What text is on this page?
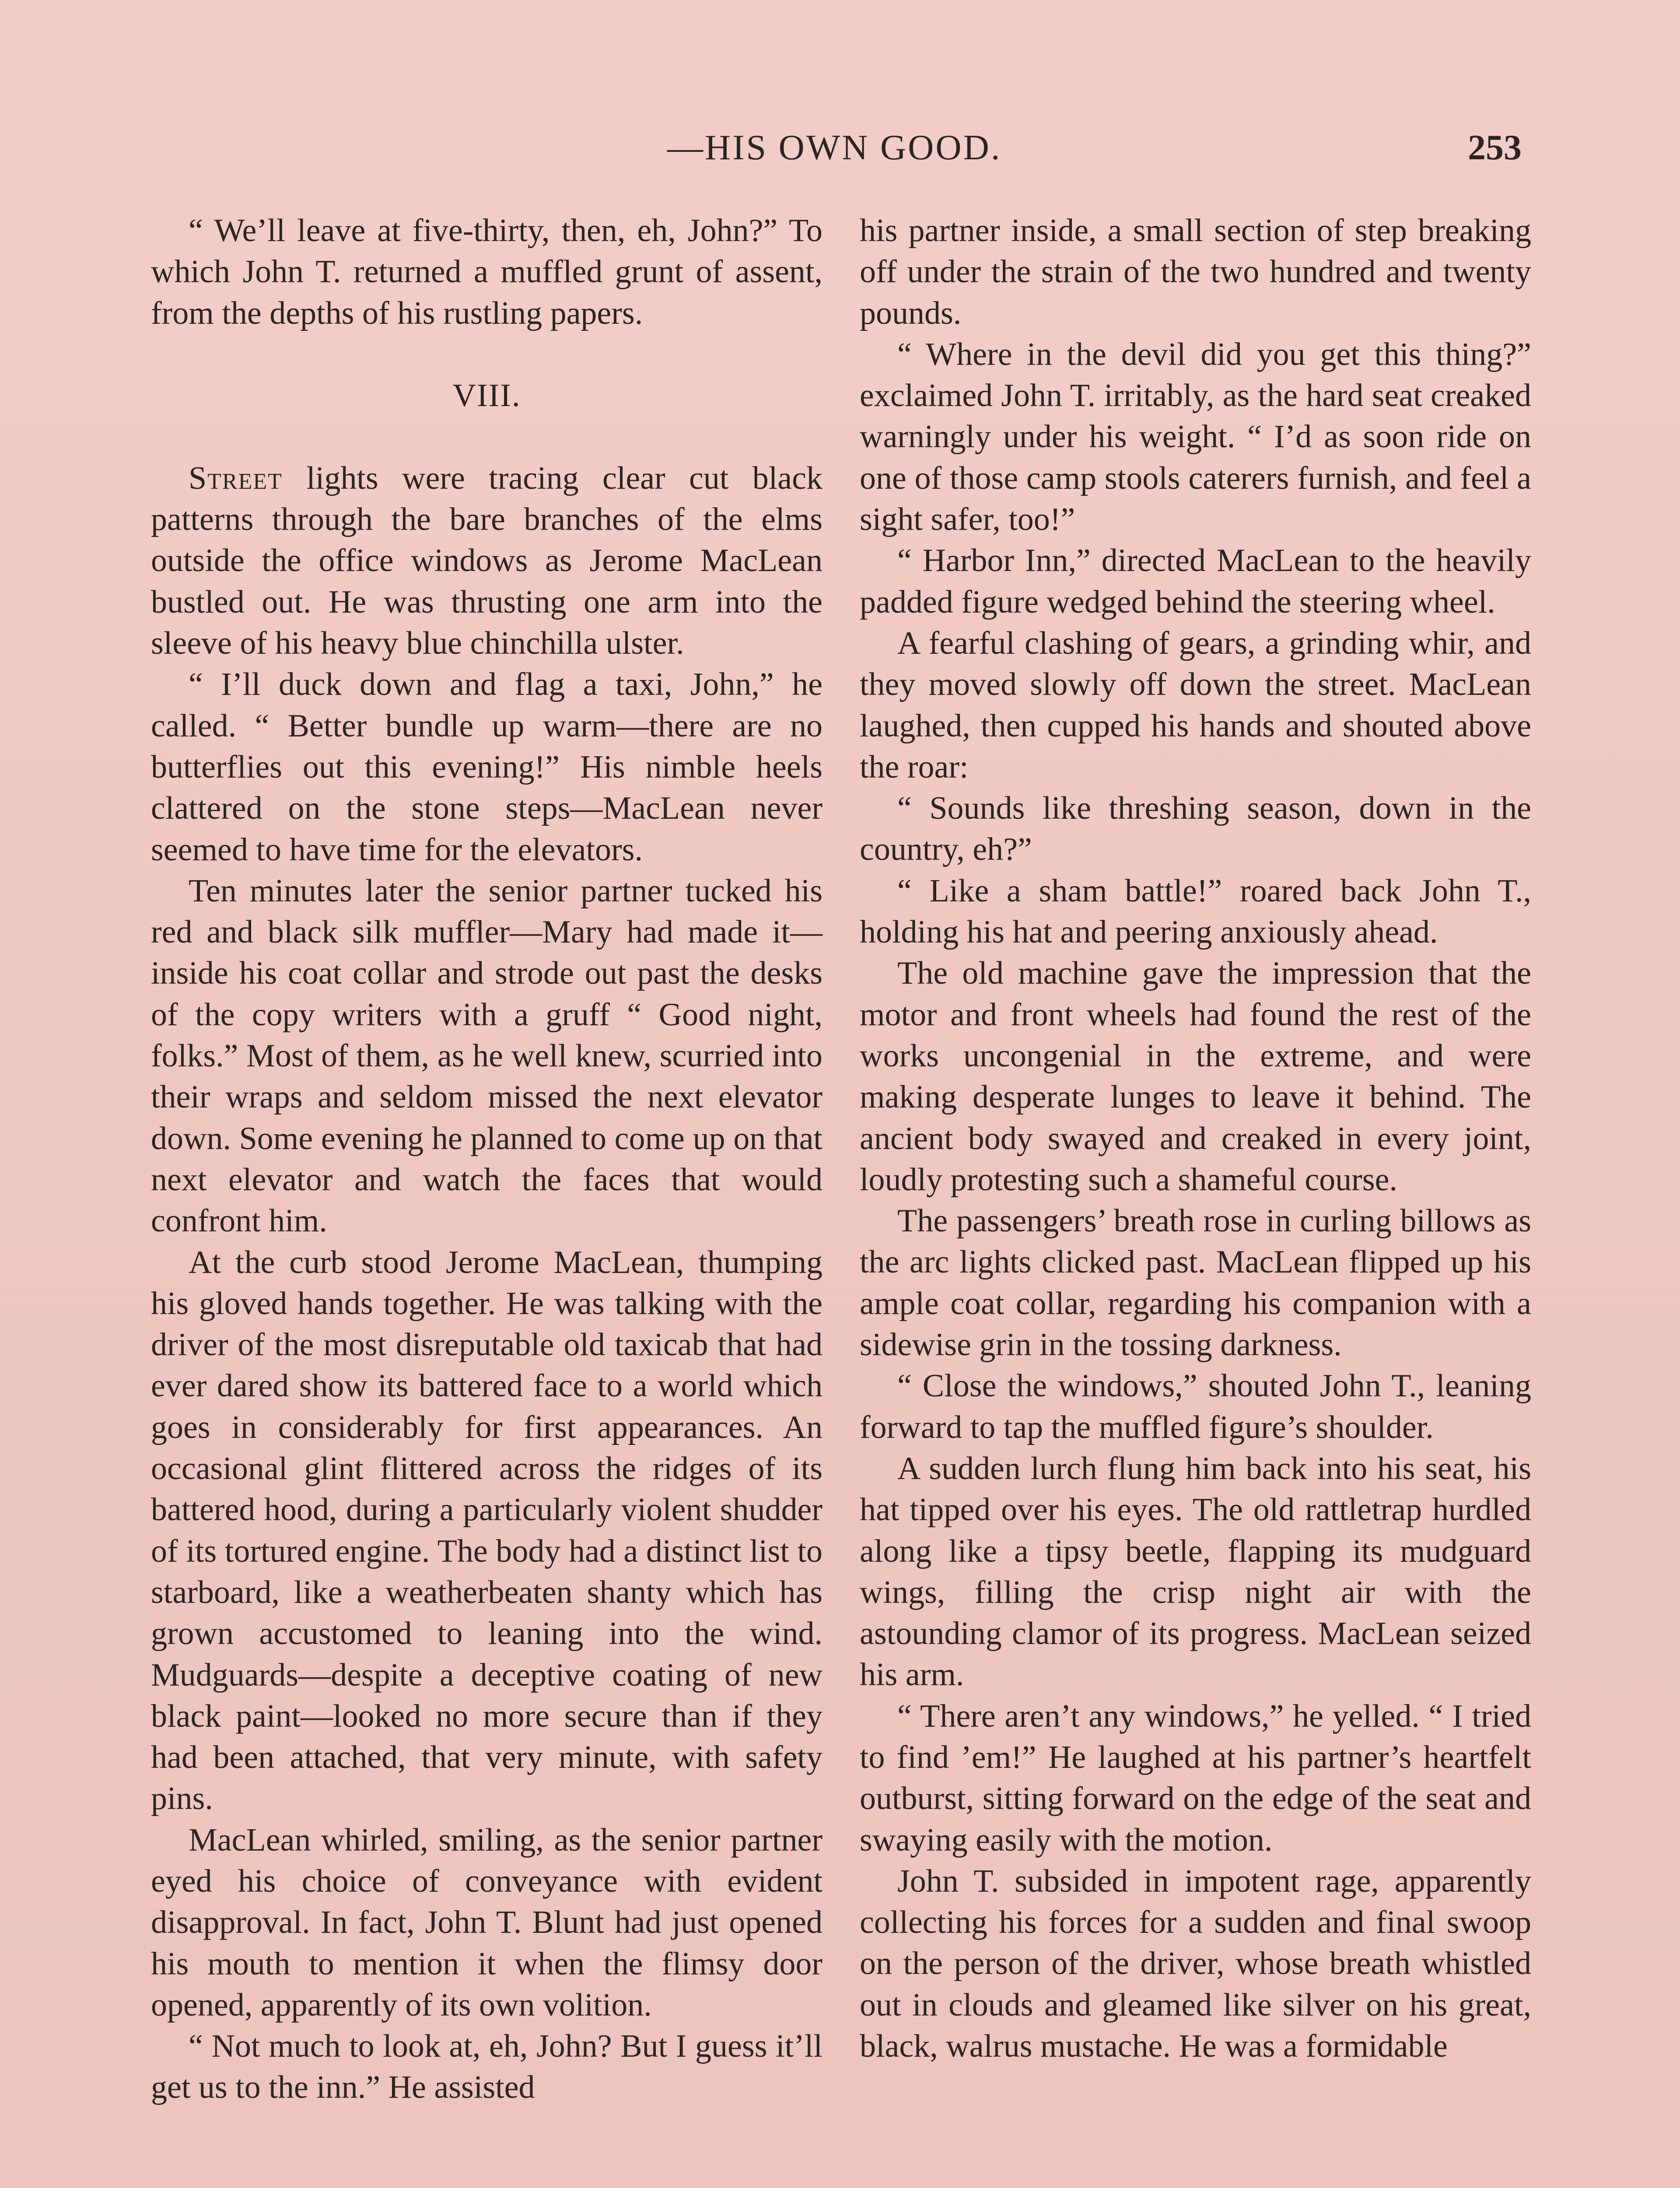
—HIS OWN GOOD.	253

“ We’ll leave at five-thirty, then, eh, John?” To which John T. returned a muffled grunt of assent, from the depths of his rustling papers.

VIII.

Street lights were tracing clear cut black patterns through the bare branches of the elms outside the office windows as Jerome MacLean bustled out. He was thrusting one arm into the sleeve of his heavy blue chinchilla ulster.

“ I’ll duck down and flag a taxi, John,” he called. “ Better bundle up warm—there are no butterflies out this evening!” His nimble heels clattered on the stone steps—MacLean never seemed to have time for the elevators.

Ten minutes later the senior partner tucked his red and black silk muffler—Mary had made it—inside his coat collar and strode out past the desks of the copy writers with a gruff “ Good night, folks.” Most of them, as he well knew, scurried into their wraps and seldom missed the next elevator down. Some evening he planned to come up on that next elevator and watch the faces that would confront him.

At the curb stood Jerome MacLean, thumping his gloved hands together. He was talking with the driver of the most disreputable old taxicab that had ever dared show its battered face to a world which goes in considerably for first appearances. An occasional glint flittered across the ridges of its battered hood, during a particularly violent shudder of its tortured engine. The body had a distinct list to starboard, like a weatherbeaten shanty which has grown accustomed to leaning into the wind. Mudguards—despite a deceptive coating of new black paint—looked no more secure than if they had been attached, that very minute, with safety pins.

MacLean whirled, smiling, as the senior partner eyed his choice of conveyance with evident disapproval. In fact, John T. Blunt had just opened his mouth to mention it when the flimsy door opened, apparently of its own volition.

“ Not much to look at, eh, John? But I guess it’ll get us to the inn.” He assisted

his partner inside, a small section of step breaking off under the strain of the two hundred and twenty pounds.

“ Where in the devil did you get this thing?” exclaimed John T. irritably, as the hard seat creaked warningly under his weight. “ I’d as soon ride on one of those camp stools caterers furnish, and feel a sight safer, too!”

“ Harbor Inn,” directed MacLean to the heavily padded figure wedged behind the steering wheel.

A fearful clashing of gears, a grinding whir, and they moved slowly off down the street. MacLean laughed, then cupped his hands and shouted above the roar:

“ Sounds like threshing season, down in the country, eh?”

“ Like a sham battle!” roared back John T., holding his hat and peering anxiously ahead.

The old machine gave the impression that the motor and front wheels had found the rest of the works uncongenial in the extreme, and were making desperate lunges to leave it behind. The ancient body swayed and creaked in every joint, loudly protesting such a shameful course.

The passengers’ breath rose in curling billows as the arc lights clicked past. MacLean flipped up his ample coat collar, regarding his companion with a sidewise grin in the tossing darkness.

“ Close the windows,” shouted John T., leaning forward to tap the muffled figure’s shoulder.

A sudden lurch flung him back into his seat, his hat tipped over his eyes. The old rattletrap hurdled along like a tipsy beetle, flapping its mudguard wings, filling the crisp night air with the astounding clamor of its progress. MacLean seized his arm.

“ There aren’t any windows,” he yelled. “ I tried to find ’em!” He laughed at his partner’s heartfelt outburst, sitting forward on the edge of the seat and swaying easily with the motion.

John T. subsided in impotent rage, apparently collecting his forces for a sudden and final swoop on the person of the driver, whose breath whistled out in clouds and gleamed like silver on his great, black, walrus mustache. He was a formidable
